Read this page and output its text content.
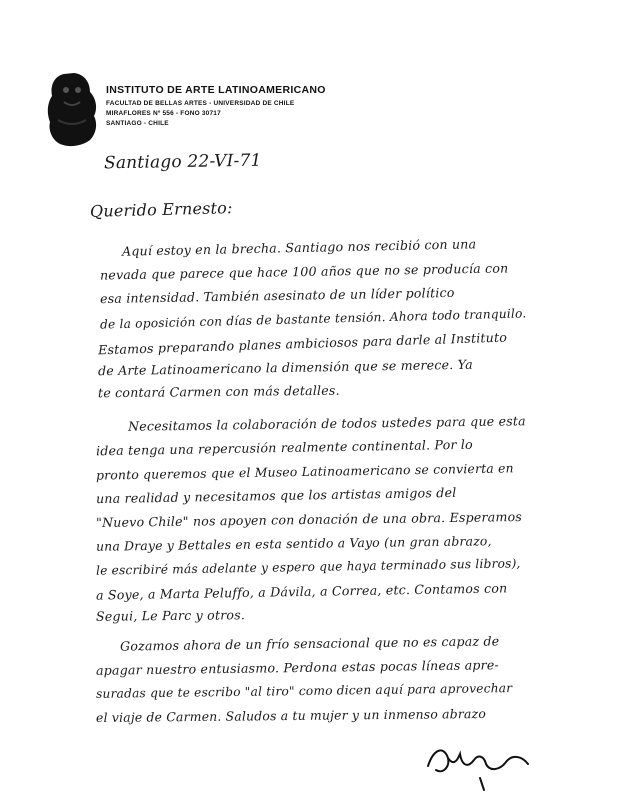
INSTITUTO DE ARTE LATINOAMERICANO
FACULTAD DE BELLAS ARTES - UNIVERSIDAD DE CHILE
MIRAFLORES Nº 556 - FONO 30717
SANTIAGO - CHILE
Santiago 22-VI-71
Querido Ernesto:
Aquí estoy en la brecha. Santiago nos recibió con una
nevada que parece que hace 100 años que no se producía con
esa intensidad. También asesinato de un líder político
de la oposición con días de bastante tensión. Ahora todo tranquilo.
Estamos preparando planes ambiciosos para darle al Instituto
de Arte Latinoamericano la dimensión que se merece. Ya
te contará Carmen con más detalles.
Necesitamos la colaboración de todos ustedes para que esta
idea tenga una repercusión realmente continental. Por lo
pronto queremos que el Museo Latinoamericano se convierta en
una realidad y necesitamos que los artistas amigos del
"Nuevo Chile" nos apoyen con donación de una obra. Esperamos
una Draye y Bettales en esta sentido a Vayo (un gran abrazo,
le escribiré más adelante y espero que haya terminado sus libros),
a Soye, a Marta Peluffo, a Dávila, a Correa, etc. Contamos con
Segui, Le Parc y otros.
Gozamos ahora de un frío sensacional que no es capaz de
apagar nuestro entusiasmo. Perdona estas pocas líneas apre-
suradas que te escribo "al tiro" como dicen aquí para aprovechar
el viaje de Carmen. Saludos a tu mujer y un inmenso abrazo
